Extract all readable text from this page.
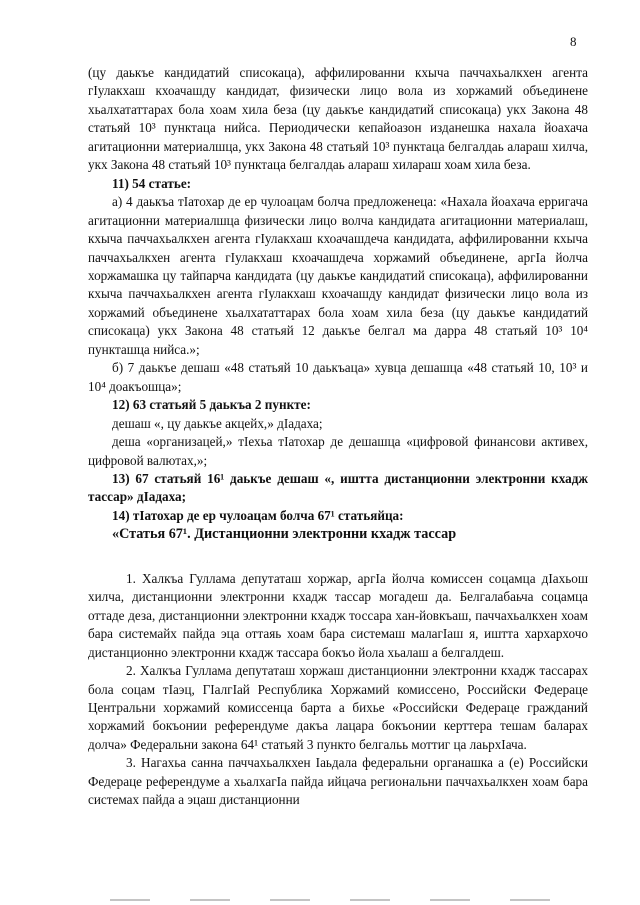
8

(цу даькъе кандидатий списокаца), аффилированни кхыча паччахьалкхен агента гӀулакхаш кхоачашду кандидат, физически лицо вола из хоржамий объединене хьалхататтарах бола хоам хила беза (цу даькъе кандидатий списокаца) укх Закона 48 статьяй 10³ пунктаца нийса. Периодически кепайоазон изданешка нахала йоахача агитационни материалшца, укх Закона 48 статьяй 10³ пунктаца белгалдаь алараш хилча, укх Закона 48 статьяй 10³ пунктаца белгалдаь алараш хилараш хоам хила беза.

11) 54 статье:

а) 4 даькъа тӀатохар де ер чулоацам болча предложенеца: «Нахала йоахача ерригача агитационни материалшца физически лицо волча кандидата агитационни материалаш, кхыча паччахьалкхен агента гӀулакхаш кхоачашдеча кандидата, аффилированни кхыча паччахьалкхен агента гӀулакхаш кхоачашдеча хоржамий объединене, аргӀа йолча хоржамашка цу тайпарча кандидата (цу даькъе кандидатий списокаца), аффилированни кхыча паччахьалкхен агента гӀулакхаш кхоачашду кандидат физически лицо вола из хоржамий объединене хьалхататтарах бола хоам хила беза (цу даькъе кандидатий списокаца) укх Закона 48 статьяй 12 даькъе белгал ма дарра 48 статьяй 10³ 10⁴ пункташца нийса.»;

б) 7 даькъе дешаш «48 статьяй 10 даькъаца» хувца дешашца «48 статьяй 10, 10³ и 10⁴ доакъошца»;

12) 63 статьяй 5 даькъа 2 пункте:

дешаш «, цу даькъе акцейх,» дӀадаха;

деша «организацей,» тӀехьа тӀатохар де дешашца «цифровой финансови активех, цифровой валютах,»;

13) 67 статьяй 16¹ даькъе дешаш «, иштта дистанционни электронни кхадж тассар» дӀадаха;

14) тӀатохар де ер чулоацам болча 67¹ статьяйца:

«Статья 67¹. Дистанционни электронни кхадж тассар

1. Халкъа Гуллама депутаташ хоржар, аргӀа йолча комиссен соцамца дӀахьош хилча, дистанционни электронни кхадж тассар могадеш да. Белгалабаьча соцамца оттаде деза, дистанционни электронни кхадж тоссара хан-йовкъаш, паччахьалкхен хоам бара системайх пайда эца оттаяь хоам бара системаш малагӀаш я, иштта хархархочо дистанционно электронни кхадж тассара бокъо йола хьалаш а белгалдеш.

2. Халкъа Гуллама депутаташ хоржаш дистанционни электронни кхадж тассарах бола соцам тӀаэц, ГӀалгӀай Республика Хоржамий комиссено, Российски Федераце Центральни хоржамий комиссенца барта а бихье «Российски Федераце гражданий хоржамий бокъонии референдуме дакъа лацара бокъонии керттера тешам баларах долча» Федеральни закона 64¹ статьяй 3 пункто белгальь моттиг ца лаьрхӀача.

3. Нагахьа санна паччахьалкхен Ӏаьдала федеральни органашка а (е) Российски Федераце референдуме а хьалхагӀа пайда ийцача региональни паччахьалкхен хоам бара системах пайда а эцаш дистанционни
